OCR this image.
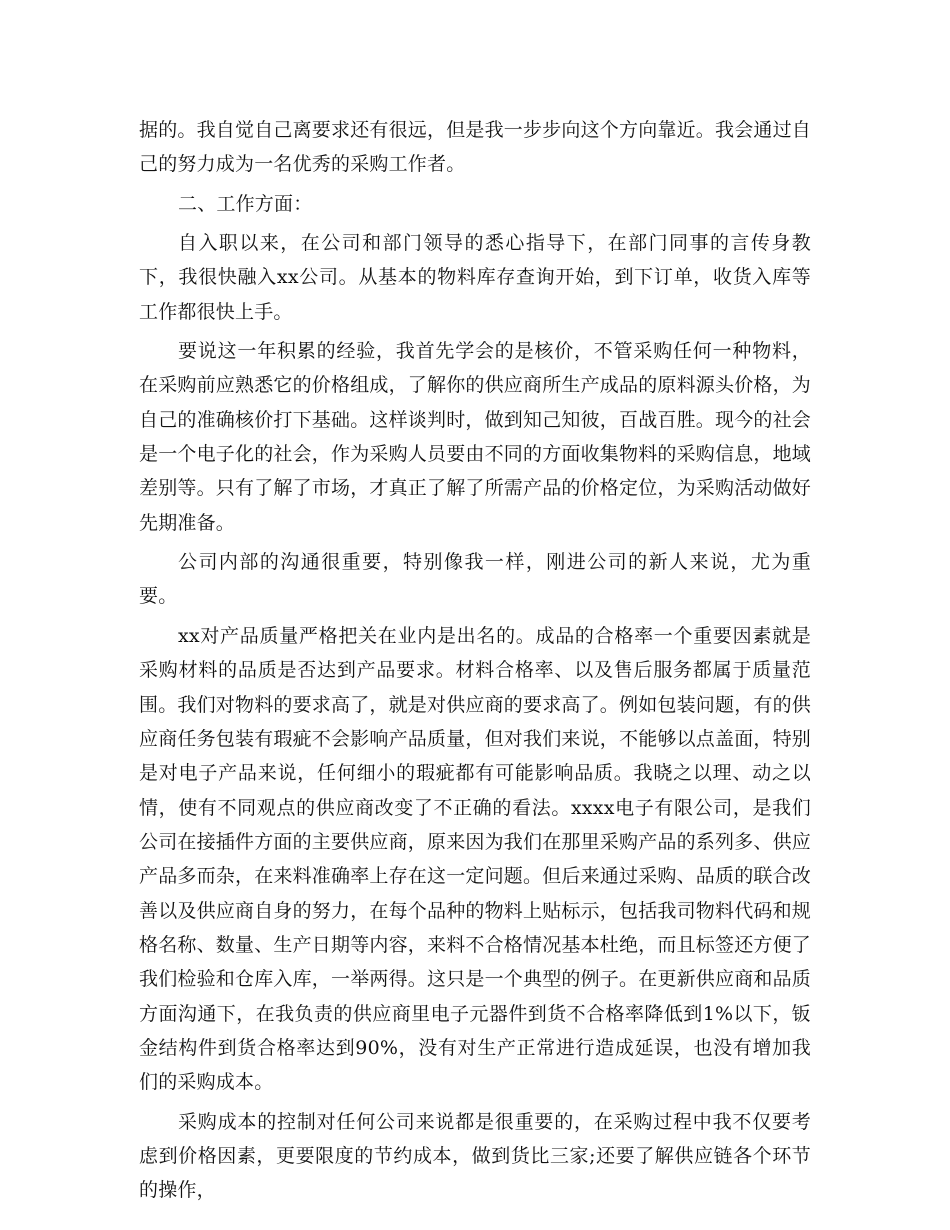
据的。我自觉自己离要求还有很远，但是我一步步向这个方向靠近。我会通过自己的努力成为一名优秀的采购工作者。

二、工作方面：

自入职以来，在公司和部门领导的悉心指导下，在部门同事的言传身教下，我很快融入xx公司。从基本的物料库存查询开始，到下订单，收货入库等工作都很快上手。

要说这一年积累的经验，我首先学会的是核价，不管采购任何一种物料，在采购前应熟悉它的价格组成，了解你的供应商所生产成品的原料源头价格，为自己的准确核价打下基础。这样谈判时，做到知己知彼，百战百胜。现今的社会是一个电子化的社会，作为采购人员要由不同的方面收集物料的采购信息，地域差别等。只有了解了市场，才真正了解了所需产品的价格定位，为采购活动做好先期准备。

公司内部的沟通很重要，特别像我一样，刚进公司的新人来说，尤为重要。

xx对产品质量严格把关在业内是出名的。成品的合格率一个重要因素就是采购材料的品质是否达到产品要求。材料合格率、以及售后服务都属于质量范围。我们对物料的要求高了，就是对供应商的要求高了。例如包装问题，有的供应商任务包装有瑕疵不会影响产品质量，但对我们来说，不能够以点盖面，特别是对电子产品来说，任何细小的瑕疵都有可能影响品质。我晓之以理、动之以情，使有不同观点的供应商改变了不正确的看法。xxxx电子有限公司，是我们公司在接插件方面的主要供应商，原来因为我们在那里采购产品的系列多、供应产品多而杂，在来料准确率上存在这一定问题。但后来通过采购、品质的联合改善以及供应商自身的努力，在每个品种的物料上贴标示，包括我司物料代码和规格名称、数量、生产日期等内容，来料不合格情况基本杜绝，而且标签还方便了我们检验和仓库入库，一举两得。这只是一个典型的例子。在更新供应商和品质方面沟通下，在我负责的供应商里电子元器件到货不合格率降低到1%以下，钣金结构件到货合格率达到90%，没有对生产正常进行造成延误，也没有增加我们的采购成本。

采购成本的控制对任何公司来说都是很重要的，在采购过程中我不仅要考虑到价格因素，更要限度的节约成本，做到货比三家;还要了解供应链各个环节的操作，
